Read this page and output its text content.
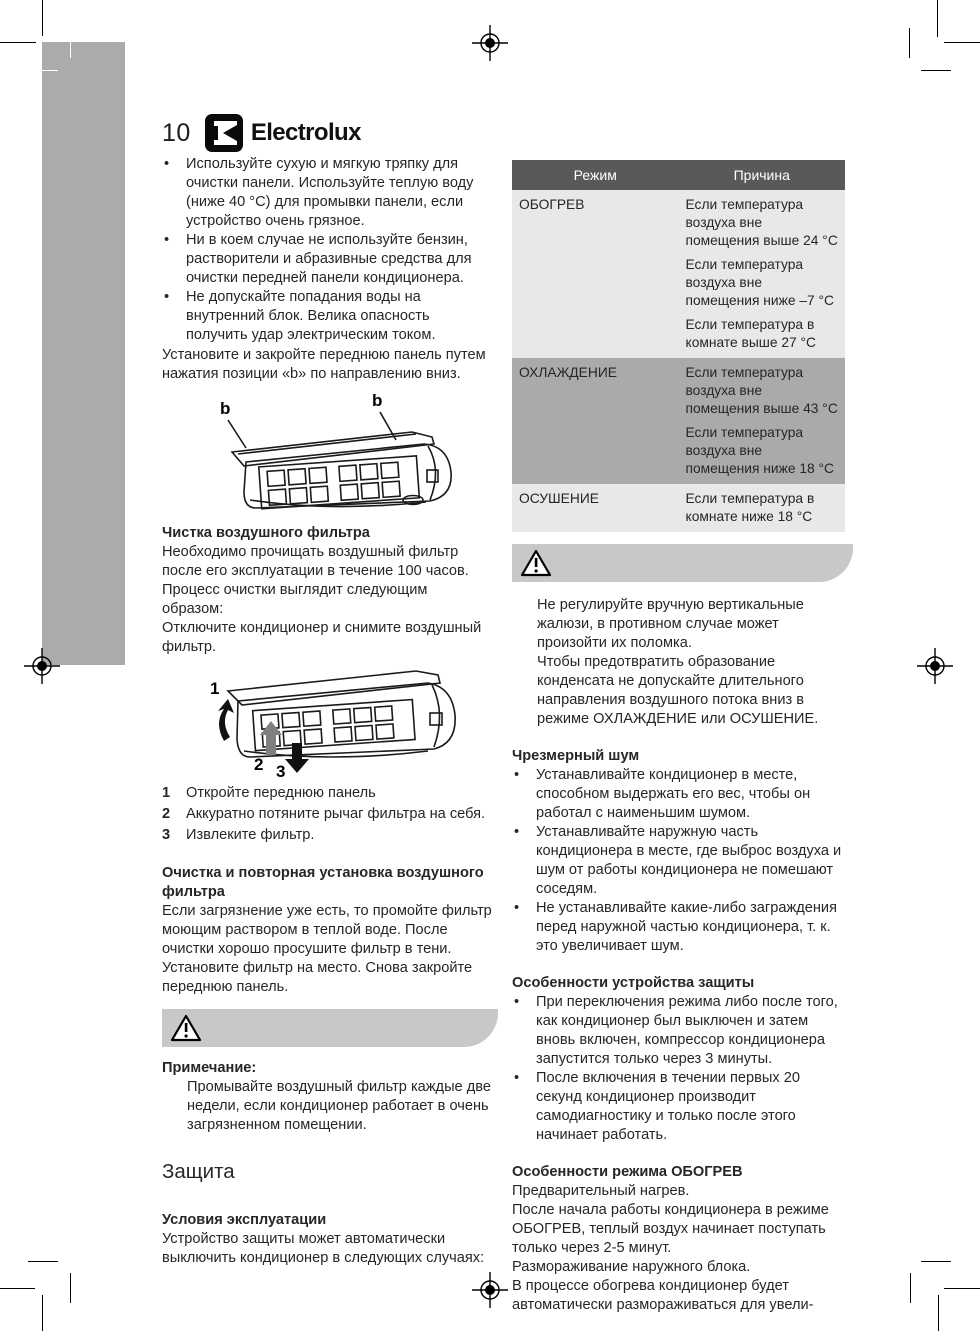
10	Electrolux
• Используйте сухую и мягкую тряпку для очистки панели. Используйте теплую воду (ниже 40 °C) для промывки панели, если устройство очень грязное.
• Ни в коем случае не используйте бензин, растворители и абразивные средства для очистки передней панели кондиционера.
• Не допускайте попадания воды на внутренний блок. Велика опасность получить удар электрическим током.

Установите и закройте переднюю панель путем нажатия позиции «b» по направлению вниз.

b	b

Чистка воздушного фильтра

Необходимо прочищать воздушный фильтр после его эксплуатации в течение 100 часов. Процесс очистки выглядит следующим образом:

Отключите кондиционер и снимите воздушный фильтр.

1
2 3
1 Откройте переднюю панель
2 Аккуратно потяните рычаг фильтра на себя.
3 Извлеките фильтр.

Очистка и повторная установка воздушного фильтра

Если загрязнение уже есть, то промойте фильтр моющим раствором в теплой воде. После очистки хорошо просушите фильтр в тени. Установите фильтр на место. Снова закройте переднюю панель.

Примечание:

Промывайте воздушный фильтр каждые две недели, если кондиционер работает в очень загрязненном помещении.

Защита

Условия эксплуатации

Устройство защиты может автоматически выключить кондиционер в следующих случаях:

Режим	Причина
ОБОГРЕВ	Если температура воздуха вне помещения выше 24 °C

Если температура воздуха вне помещения ниже –7 °C

Если температура в комнате выше 27 °C

ОХЛАЖДЕНИЕ	Если температура воздуха вне помещения выше 43 °C

Если температура воздуха вне помещения ниже 18 °C

ОСУШЕНИЕ	Если температура в комнате ниже 18 °C

Не регулируйте вручную вертикальные жалюзи, в противном случае может произойти их поломка.

Чтобы предотвратить образование конденсата не допускайте длительного направления воздушного потока вниз в режиме ОХЛАЖДЕНИЕ или ОСУШЕНИЕ.

Чрезмерный шум

• Устанавливайте кондиционер в месте, способном выдержать его вес, чтобы он работал с наименьшим шумом.
• Устанавливайте наружную часть кондиционера в месте, где выброс воздуха и шум от работы кондиционера не помешают соседям.
• Не устанавливайте какие-либо заграждения перед наружной частью кондиционера, т. к. это увеличивает шум.

Особенности устройства защиты

• При переключения режима либо после того, как кондиционер был выключен и затем вновь включен, компрессор кондиционера запустится только через 3 минуты.
• После включения в течении первых 20 секунд кондиционер производит самодиагностику и только после этого начинает работать.

Особенности режима ОБОГРЕВ

Предварительный нагрев.

После начала работы кондиционера в режиме ОБОГРЕВ, теплый воздух начинает поступать только через 2-5 минут.

Размораживание наружного блока.

В процессе обогрева кондиционер будет автоматически размораживаться для увели-
